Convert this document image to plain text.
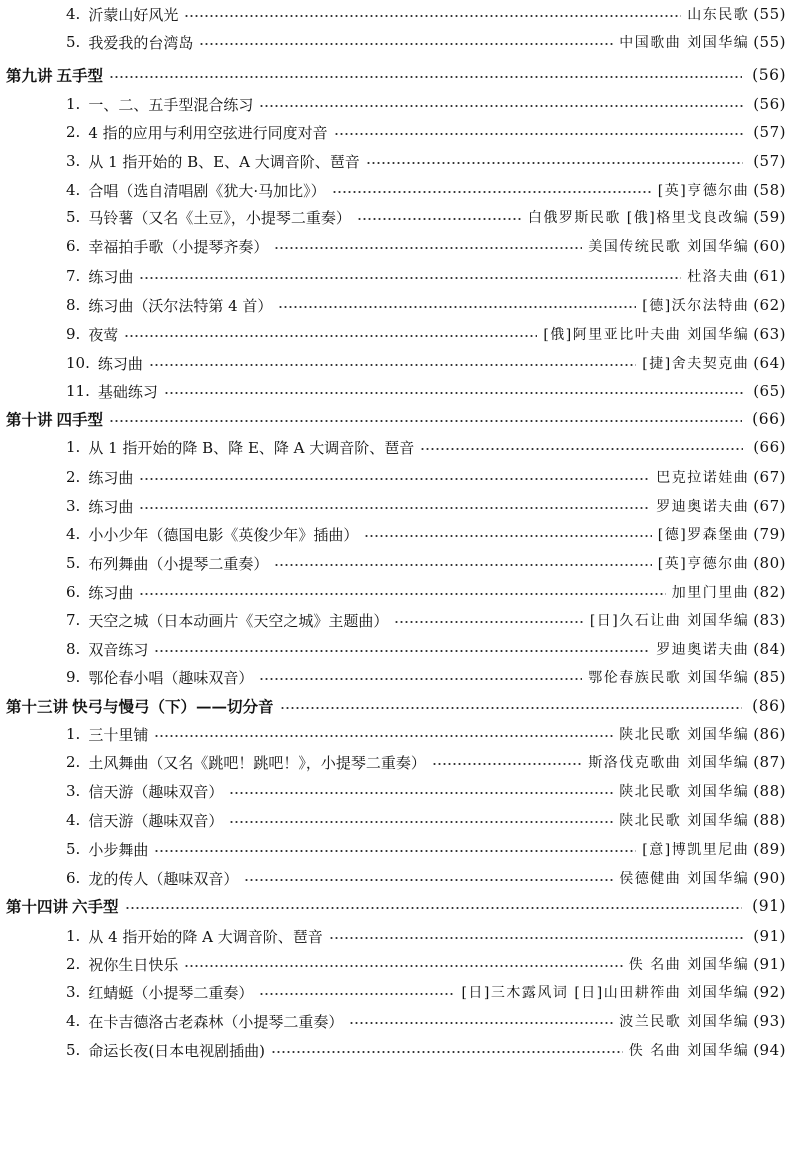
4. 沂蒙山好风光	山东民歌 (55)
5. 我爱我的台湾岛	中国歌曲 刘国华编 (55)
第九讲 五手型	(56)
1. 一、二、五手型混合练习	(56)
2. 4 指的应用与利用空弦进行同度对音	(57)
3. 从 1 指开始的 B、E、A 大调音阶、琶音	(57)
4. 合唱（选自清唱剧《犹大·马加比》）	[英]亨德尔曲 (58)
5. 马铃薯（又名《土豆》，小提琴二重奏）	白俄罗斯民歌 [俄]格里戈良改编 (59)
6. 幸福拍手歌（小提琴齐奏）	美国传统民歌 刘国华编 (60)
7. 练习曲	杜洛夫曲 (61)
8. 练习曲（沃尔法特第 4 首）	[德]沃尔法特曲 (62)
9. 夜莺	[俄]阿里亚比叶夫曲 刘国华编 (63)
10. 练习曲	[捷]舍夫契克曲 (64)
11. 基础练习	(65)
第十讲 四手型	(66)
1. 从 1 指开始的降 B、降 E、降 A 大调音阶、琶音	(66)
2. 练习曲	巴克拉诺娃曲 (67)
3. 练习曲	罗迪奥诺夫曲 (67)
4. 小小少年（德国电影《英俊少年》插曲）	[德]罗森堡曲 (79)
5. 布列舞曲（小提琴二重奏）	[英]亨德尔曲 (80)
6. 练习曲	加里门里曲 (82)
7. 天空之城（日本动画片《天空之城》主题曲）	[日]久石让曲 刘国华编 (83)
8. 双音练习	罗迪奥诺夫曲 (84)
9. 鄂伦春小唱（趣味双音）	鄂伦春族民歌 刘国华编 (85)
第十三讲 快弓与慢弓（下）——切分音	(86)
1. 三十里铺	陕北民歌 刘国华编 (86)
2. 土风舞曲（又名《跳吧！跳吧！》，小提琴二重奏）	斯洛伐克歌曲 刘国华编 (87)
3. 信天游（趣味双音）	陕北民歌 刘国华编 (88)
4. 信天游（趣味双音）	陕北民歌 刘国华编 (88)
5. 小步舞曲	[意]博凯里尼曲 (89)
6. 龙的传人（趣味双音）	侯德健曲 刘国华编 (90)
第十四讲 六手型	(91)
1. 从 4 指开始的降 A 大调音阶、琶音	(91)
2. 祝你生日快乐	佚 名曲 刘国华编 (91)
3. 红蜻蜓（小提琴二重奏）	[日]三木露风词 [日]山田耕筰曲 刘国华编 (92)
4. 在卡吉德洛古老森林（小提琴二重奏）	波兰民歌 刘国华编 (93)
5. 命运长夜(日本电视剧插曲)	佚 名曲 刘国华编 (94)
